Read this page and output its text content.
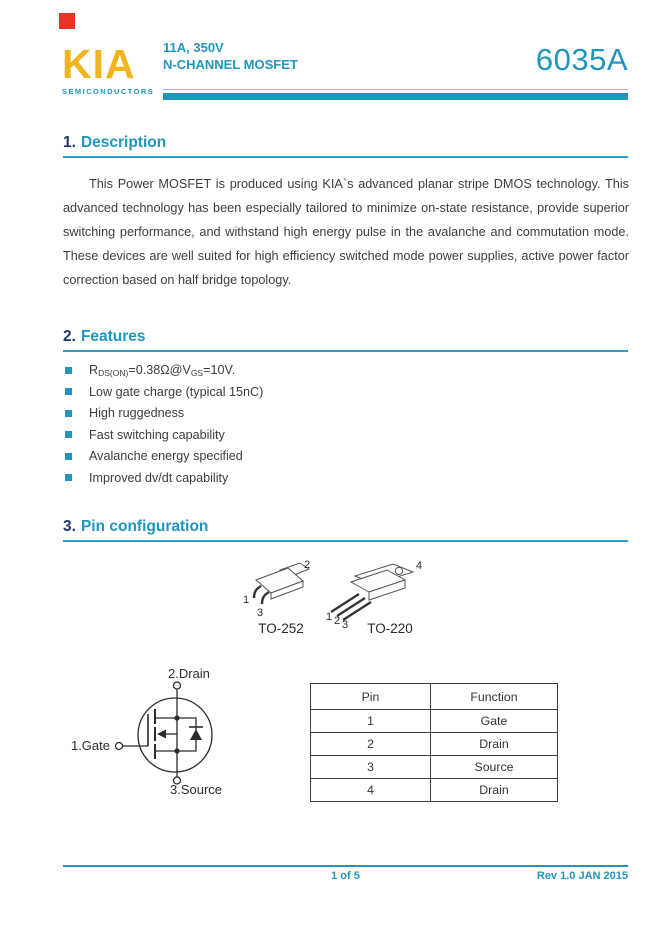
KIA
SEMICONDUCTORS
11A, 350V
N-CHANNEL MOSFET	6035A
1. Description
This Power MOSFET is produced using KIA`s advanced planar stripe DMOS technology. This advanced technology has been especially tailored to minimize on-state resistance, provide superior switching performance, and withstand high energy pulse in the avalanche and commutation mode. These devices are well suited for high efficiency switched mode power supplies, active power factor correction based on half bridge topology.
2. Features
$R_{DS(ON)}=0.38\Omega@V_{GS}=10V$.
Low gate charge (typical 15nC)
High ruggedness
Fast switching capability
Avalanche energy specified
Improved dv/dt capability
3. Pin configuration
2
1
3
TO-252
4
1 2 3 TO-220
2.Drain
1.Gate
3.Source
Pin	Function
1	Gate
2	Drain
3	Source
4	Drain
1 of 5	Rev 1.0 JAN 2015
